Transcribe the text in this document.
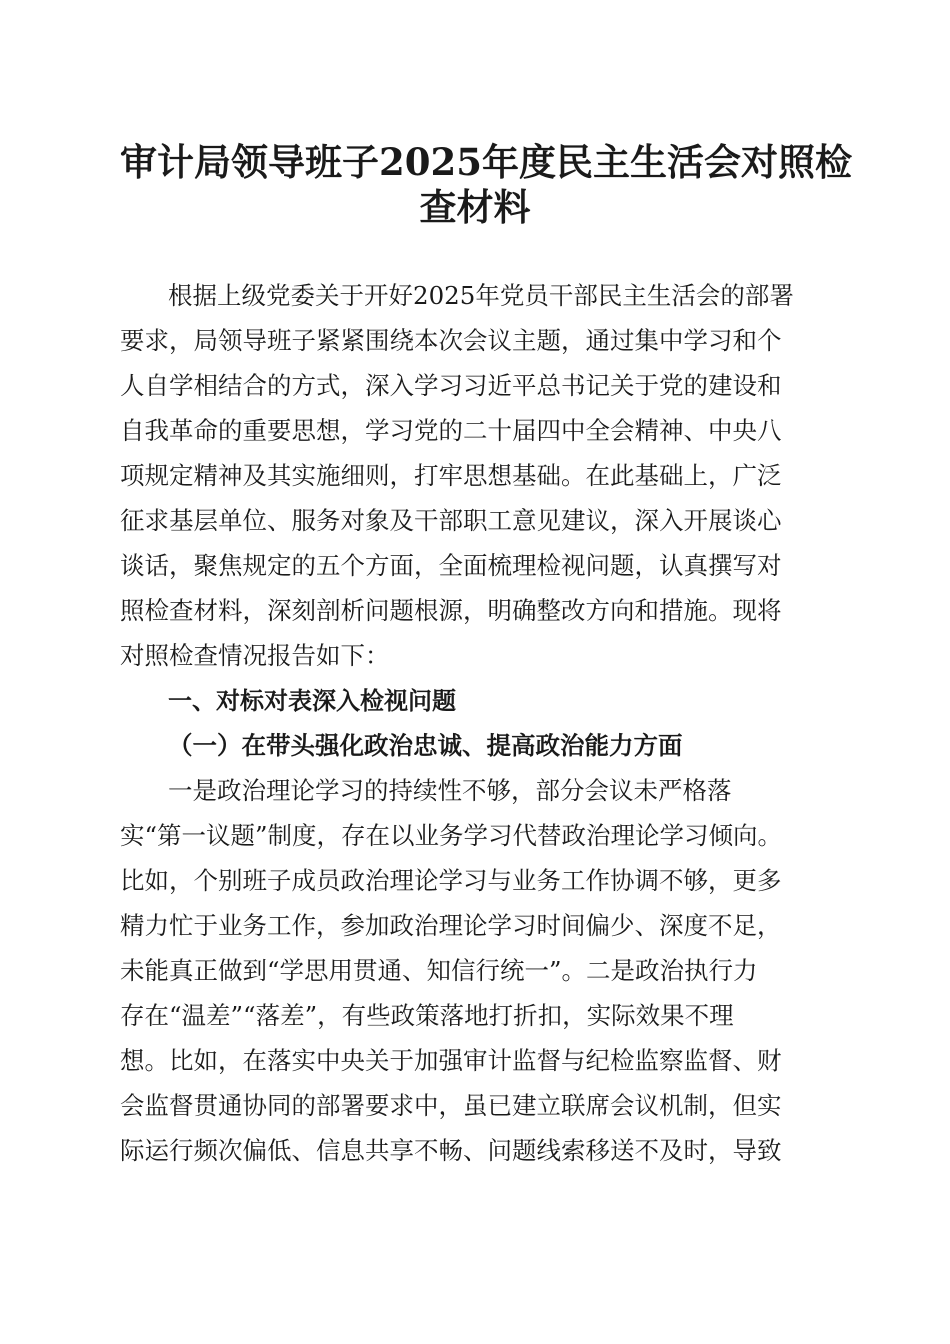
审计局领导班子2025年度民主生活会对照检
查材料

根据上级党委关于开好2025年党员干部民主生活会的部署

要求，局领导班子紧紧围绕本次会议主题，通过集中学习和个

人自学相结合的方式，深入学习习近平总书记关于党的建设和

自我革命的重要思想，学习党的二十届四中全会精神、中央八

项规定精神及其实施细则，打牢思想基础。在此基础上，广泛

征求基层单位、服务对象及干部职工意见建议，深入开展谈心

谈话，聚焦规定的五个方面，全面梳理检视问题，认真撰写对

照检查材料，深刻剖析问题根源，明确整改方向和措施。现将

对照检查情况报告如下：

一、对标对表深入检视问题
（一）在带头强化政治忠诚、提高政治能力方面

一是政治理论学习的持续性不够，部分会议未严格落

实“第一议题”制度，存在以业务学习代替政治理论学习倾向。

比如，个别班子成员政治理论学习与业务工作协调不够，更多

精力忙于业务工作，参加政治理论学习时间偏少、深度不足，

未能真正做到“学思用贯通、知信行统一”。二是政治执行力

存在“温差”“落差”，有些政策落地打折扣，实际效果不理

想。比如，在落实中央关于加强审计监督与纪检监察监督、财

会监督贯通协同的部署要求中，虽已建立联席会议机制，但实

际运行频次偏低、信息共享不畅、问题线索移送不及时，导致
